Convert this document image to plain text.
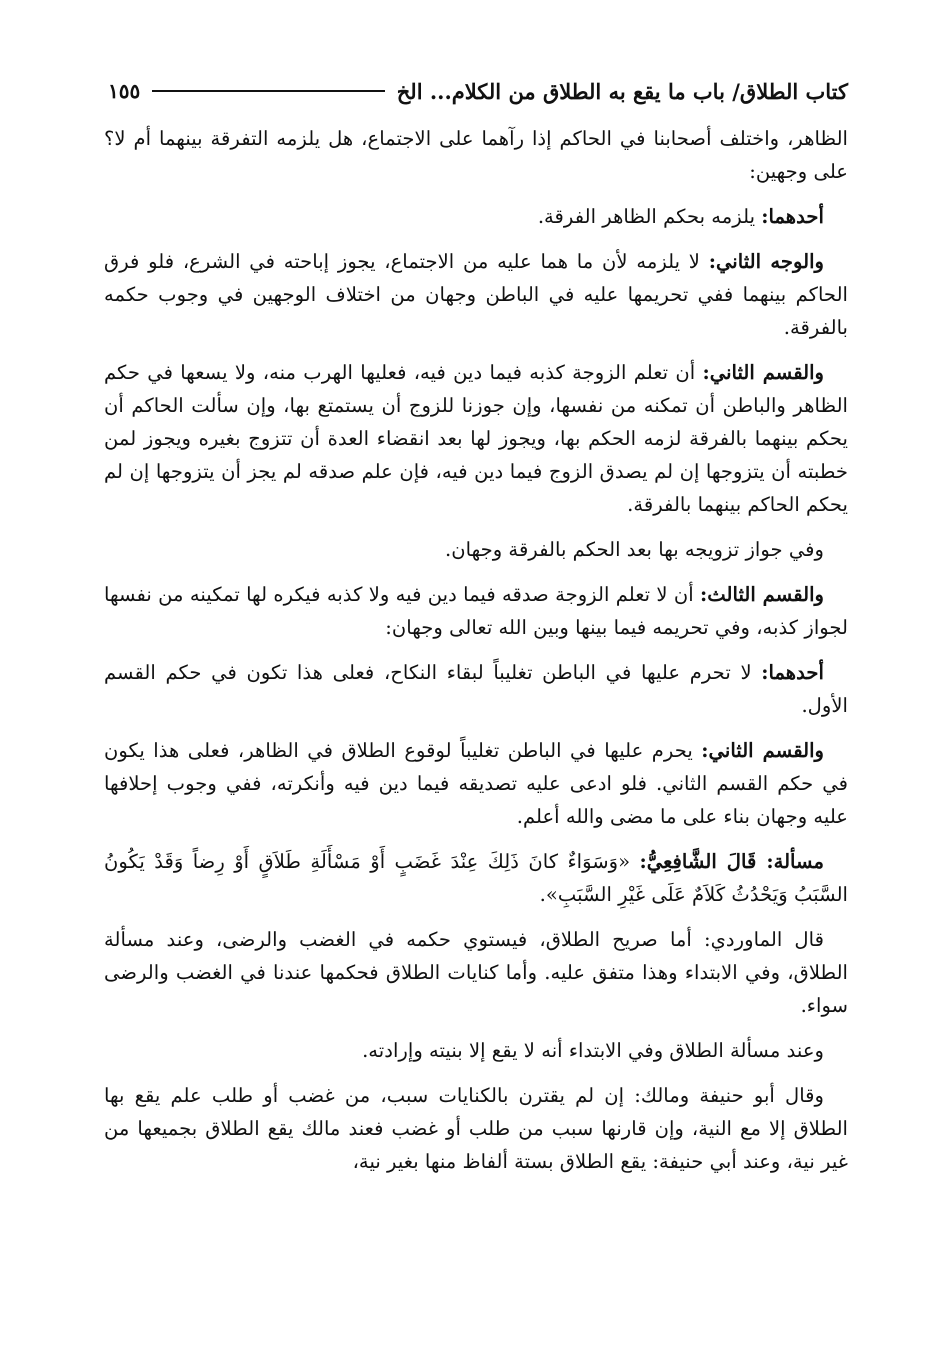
كتاب الطلاق/ باب ما يقع به الطلاق من الكلام... الخ
١٥٥

الظاهر، واختلف أصحابنا في الحاكم إذا رآهما على الاجتماع، هل يلزمه التفرقة بينهما أم لا؟ على وجهين:

أحدهما: يلزمه بحكم الظاهر الفرقة.

والوجه الثاني: لا يلزمه لأن ما هما عليه من الاجتماع، يجوز إباحته في الشرع، فلو فرق الحاكم بينهما ففي تحريمها عليه في الباطن وجهان من اختلاف الوجهين في وجوب حكمه بالفرقة.

والقسم الثاني: أن تعلم الزوجة كذبه فيما دين فيه، فعليها الهرب منه، ولا يسعها في حكم الظاهر والباطن أن تمكنه من نفسها، وإن جوزنا للزوج أن يستمتع بها، وإن سألت الحاكم أن يحكم بينهما بالفرقة لزمه الحكم بها، ويجوز لها بعد انقضاء العدة أن تتزوج بغيره ويجوز لمن خطبته أن يتزوجها إن لم يصدق الزوج فيما دين فيه، فإن علم صدقه لم يجز أن يتزوجها إن لم يحكم الحاكم بينهما بالفرقة.

وفي جواز تزويجه بها بعد الحكم بالفرقة وجهان.

والقسم الثالث: أن لا تعلم الزوجة صدقه فيما دين فيه ولا كذبه فيكره لها تمكينه من نفسها لجواز كذبه، وفي تحريمه فيما بينها وبين الله تعالى وجهان:

أحدهما: لا تحرم عليها في الباطن تغليباً لبقاء النكاح، فعلى هذا تكون في حكم القسم الأول.

والقسم الثاني: يحرم عليها في الباطن تغليباً لوقوع الطلاق في الظاهر، فعلى هذا يكون في حكم القسم الثاني. فلو ادعى عليه تصديقه فيما دين فيه وأنكرته، ففي وجوب إحلافها عليه وجهان بناء على ما مضى والله أعلم.

مسألة: قَالَ الشَّافِعِيُّ: «وَسَوَاءٌ كانَ ذَلِكَ عِنْدَ غَضَبٍ أَوْ مَسْأَلَةِ طَلاَقٍ أَوْ رِضاً وَقَدْ يَكُونُ السَّبَبُ وَيَحْدُثُ كَلاَمٌ عَلَى غَيْرِ السَّبَبِ».

قال الماوردي: أما صريح الطلاق، فيستوي حكمه في الغضب والرضى، وعند مسألة الطلاق، وفي الابتداء وهذا متفق عليه. وأما كنايات الطلاق فحكمها عندنا في الغضب والرضى سواء.

وعند مسألة الطلاق وفي الابتداء أنه لا يقع إلا بنيته وإرادته.

وقال أبو حنيفة ومالك: إن لم يقترن بالكنايات سبب، من غضب أو طلب علم يقع بها الطلاق إلا مع النية، وإن قارنها سبب من طلب أو غضب فعند مالك يقع الطلاق بجميعها من غير نية، وعند أبي حنيفة: يقع الطلاق بستة ألفاظ منها بغير نية،
